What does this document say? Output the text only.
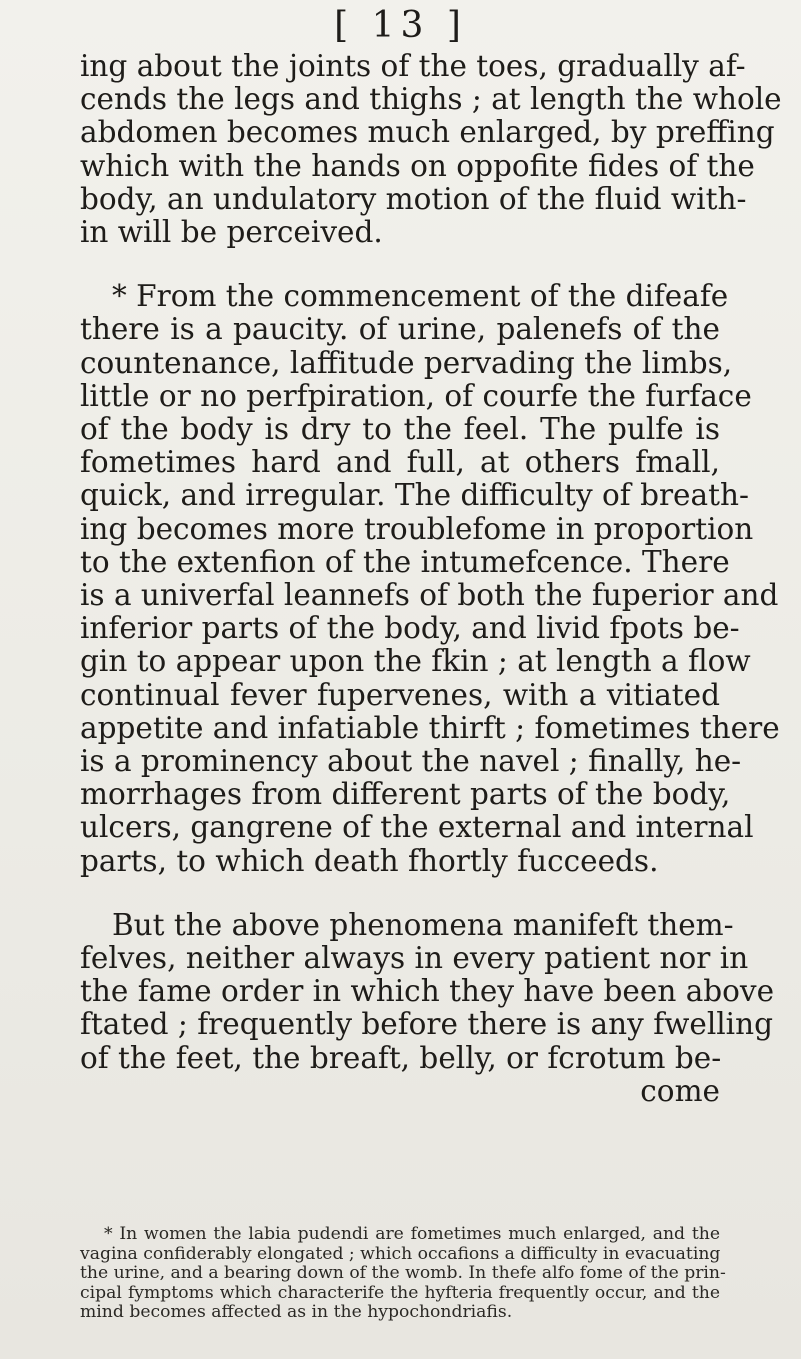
[ 13 ]
ing about the joints of the toes, gradually af-
cends the legs and thighs ; at length the whole
abdomen becomes much enlarged, by preffing
which with the hands on oppofite fides of the
body, an undulatory motion of the fluid with-
in will be perceived.
* From the commencement of the difeafe
there is a paucity. of urine, palenefs of the
countenance, laffitude pervading the limbs,
little or no perfpiration, of courfe the furface
of the body is dry to the feel. The pulfe is
fometimes hard and full, at others fmall,
quick, and irregular. The difficulty of breath-
ing becomes more troublefome in proportion
to the extenfion of the intumefcence. There
is a univerfal leannefs of both the fuperior and
inferior parts of the body, and livid fpots be-
gin to appear upon the fkin ; at length a flow
continual fever fupervenes, with a vitiated
appetite and infatiable thirft ; fometimes there
is a prominency about the navel ; finally, he-
morrhages from different parts of the body,
ulcers, gangrene of the external and internal
parts, to which death fhortly fucceeds.
But the above phenomena manifeft them-
felves, neither always in every patient nor in
the fame order in which they have been above
ftated ; frequently before there is any fwelling
of the feet, the breaft, belly, or fcrotum be-
come
* In women the labia pudendi are fometimes much enlarged, and the
vagina confiderably elongated ; which occafions a difficulty in evacuating
the urine, and a bearing down of the womb. In thefe alfo fome of the prin-
cipal fymptoms which characterife the hyfteria frequently occur, and the
mind becomes affected as in the hypochondriafis.
